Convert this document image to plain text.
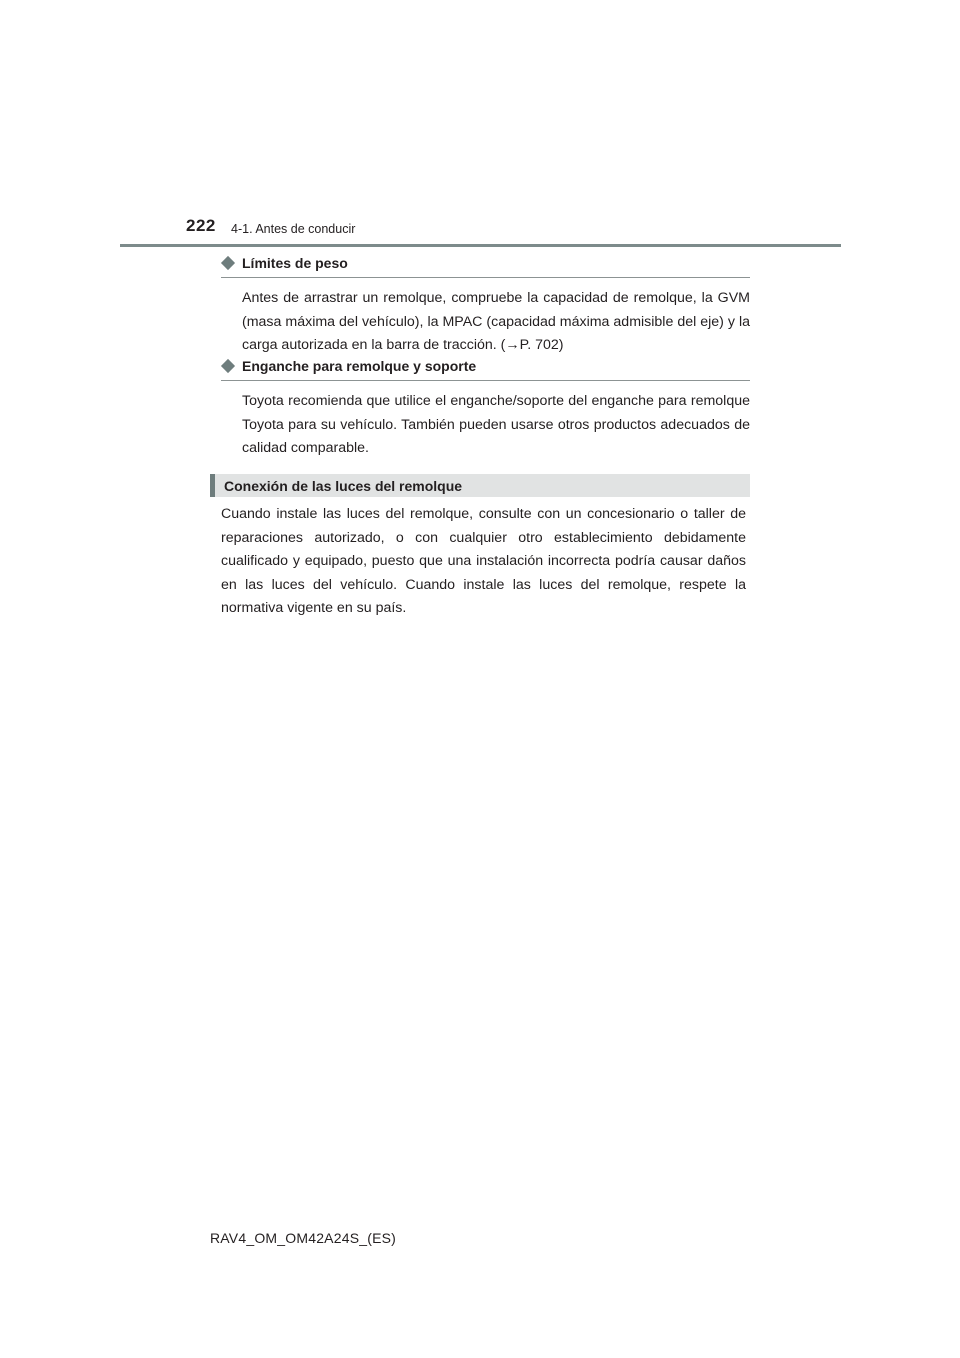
222 4-1. Antes de conducir
Límites de peso

Antes de arrastrar un remolque, compruebe la capacidad de remolque, la GVM (masa máxima del vehículo), la MPAC (capacidad máxima admisible del eje) y la carga autorizada en la barra de tracción. (→P. 702)

Enganche para remolque y soporte

Toyota recomienda que utilice el enganche/soporte del enganche para remolque Toyota para su vehículo. También pueden usarse otros productos adecuados de calidad comparable.

Conexión de las luces del remolque

Cuando instale las luces del remolque, consulte con un concesionario o taller de reparaciones autorizado, o con cualquier otro establecimiento debidamente cualificado y equipado, puesto que una instalación incorrecta podría causar daños en las luces del vehículo. Cuando instale las luces del remolque, respete la normativa vigente en su país.

RAV4_OM_OM42A24S_(ES)
